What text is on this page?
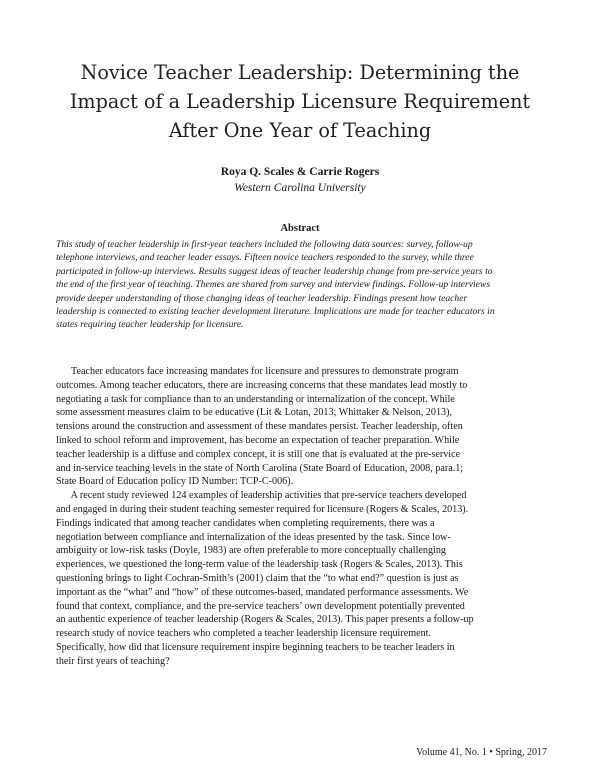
Novice Teacher Leadership: Determining the
Impact of a Leadership Licensure Requirement
After One Year of Teaching
Roya Q. Scales & Carrie Rogers
Western Carolina University
Abstract
This study of teacher leadership in first-year teachers included the following data sources: survey, follow-up
telephone interviews, and teacher leader essays. Fifteen novice teachers responded to the survey, while three
participated in follow-up interviews. Results suggest ideas of teacher leadership change from pre-service years to
the end of the first year of teaching. Themes are shared from survey and interview findings. Follow-up interviews
provide deeper understanding of those changing ideas of teacher leadership. Findings present how teacher
leadership is connected to existing teacher development literature. Implications are made for teacher educators in
states requiring teacher leadership for licensure.
Teacher educators face increasing mandates for licensure and pressures to demonstrate program
outcomes. Among teacher educators, there are increasing concerns that these mandates lead mostly to
negotiating a task for compliance than to an understanding or internalization of the concept. While
some assessment measures claim to be educative (Lit & Lotan, 2013; Whittaker & Nelson, 2013),
tensions around the construction and assessment of these mandates persist. Teacher leadership, often
linked to school reform and improvement, has become an expectation of teacher preparation. While
teacher leadership is a diffuse and complex concept, it is still one that is evaluated at the pre-service
and in-service teaching levels in the state of North Carolina (State Board of Education, 2008, para.1;
State Board of Education policy ID Number: TCP-C-006).
A recent study reviewed 124 examples of leadership activities that pre-service teachers developed
and engaged in during their student teaching semester required for licensure (Rogers & Scales, 2013).
Findings indicated that among teacher candidates when completing requirements, there was a
negotiation between compliance and internalization of the ideas presented by the task. Since low-
ambiguity or low-risk tasks (Doyle, 1983) are often preferable to more conceptually challenging
experiences, we questioned the long-term value of the leadership task (Rogers & Scales, 2013). This
questioning brings to light Cochran-Smith’s (2001) claim that the “to what end?” question is just as
important as the “what” and “how” of these outcomes-based, mandated performance assessments. We
found that context, compliance, and the pre-service teachers’ own development potentially prevented
an authentic experience of teacher leadership (Rogers & Scales, 2013). This paper presents a follow-up
research study of novice teachers who completed a teacher leadership licensure requirement.
Specifically, how did that licensure requirement inspire beginning teachers to be teacher leaders in
their first years of teaching?
Volume 41, No. 1 • Spring, 2017
